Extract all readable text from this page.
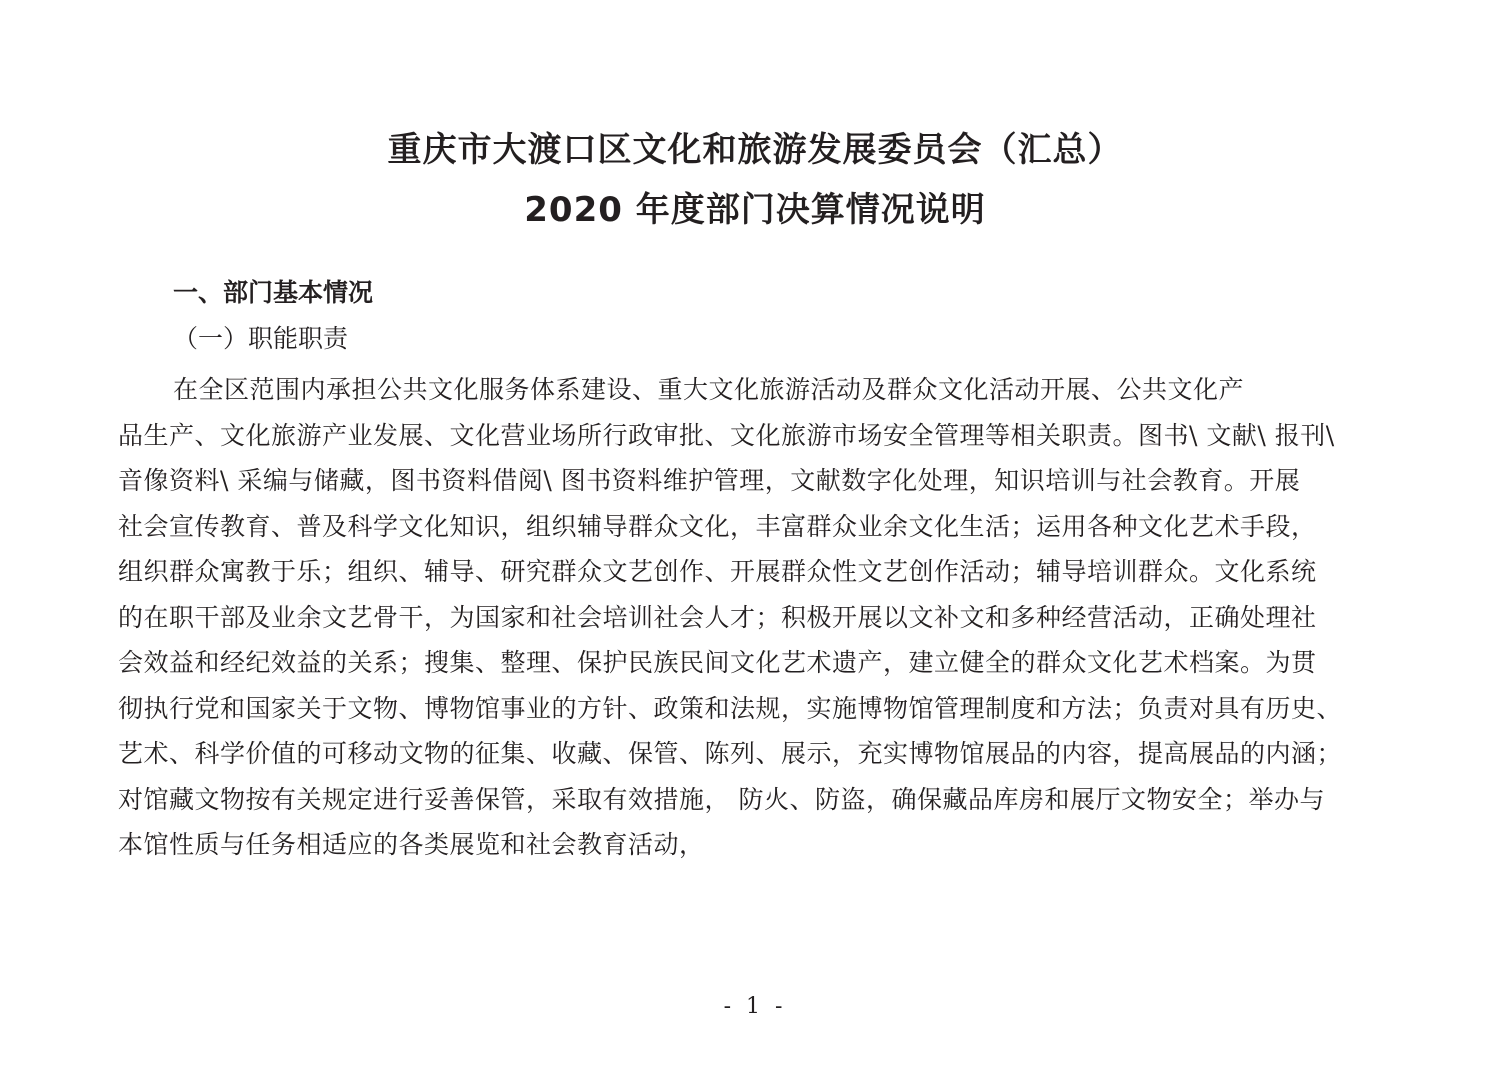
重庆市大渡口区文化和旅游发展委员会（汇总）
2020 年度部门决算情况说明
一、部门基本情况
（一）职能职责
在全区范围内承担公共文化服务体系建设、重大文化旅游活动及群众文化活动开展、公共文化产
品生产、文化旅游产业发展、文化营业场所行政审批、文化旅游市场安全管理等相关职责。图书\ 文献\ 报刊\
音像资料\ 采编与储藏，图书资料借阅\ 图书资料维护管理，文献数字化处理，知识培训与社会教育。开展
社会宣传教育、普及科学文化知识，组织辅导群众文化，丰富群众业余文化生活；运用各种文化艺术手段，
组织群众寓教于乐；组织、辅导、研究群众文艺创作、开展群众性文艺创作活动；辅导培训群众。文化系统
的在职干部及业余文艺骨干，为国家和社会培训社会人才；积极开展以文补文和多种经营活动，正确处理社
会效益和经纪效益的关系；搜集、整理、保护民族民间文化艺术遗产，建立健全的群众文化艺术档案。为贯
彻执行党和国家关于文物、博物馆事业的方针、政策和法规，实施博物馆管理制度和方法；负责对具有历史、
艺术、科学价值的可移动文物的征集、收藏、保管、陈列、展示，充实博物馆展品的内容，提高展品的内涵；
对馆藏文物按有关规定进行妥善保管，采取有效措施， 防火、防盗，确保藏品库房和展厅文物安全；举办与
本馆性质与任务相适应的各类展览和社会教育活动，
- 1 -
